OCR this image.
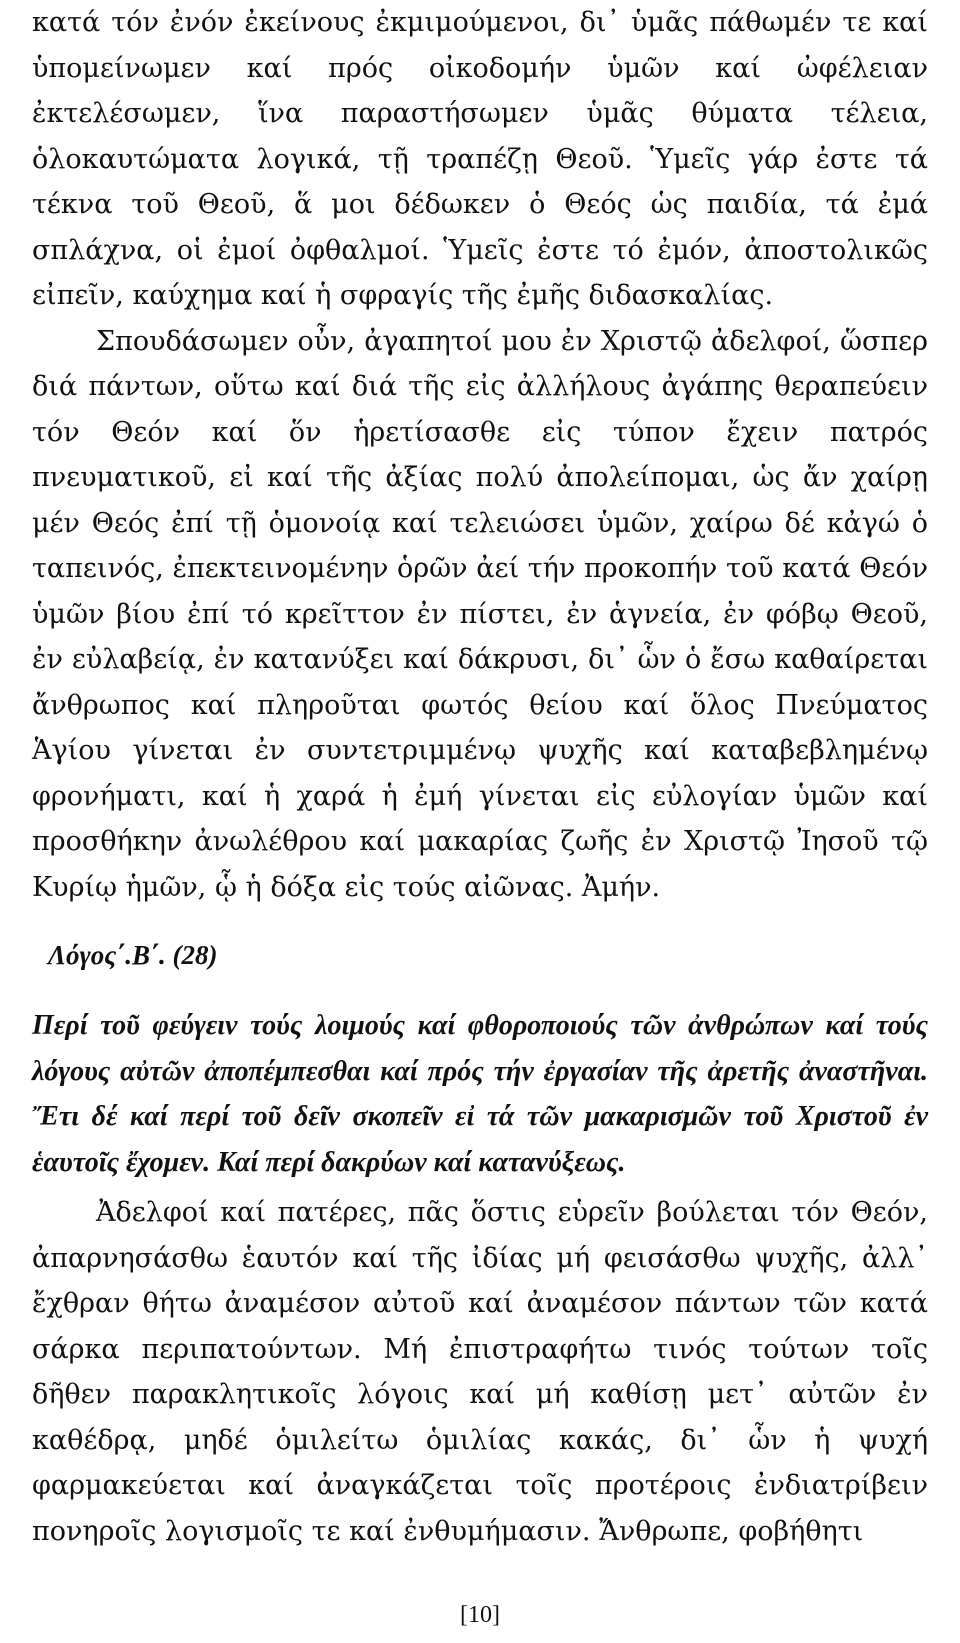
κατά τόν ἐνόν ἐκείνους ἐκμιμούμενοι, δι᾿ ὑμᾶς πάθωμέν τε καί ὑπομείνωμεν καί πρός οἰκοδομήν ὑμῶν καί ὠφέλειαν ἐκτελέσωμεν, ἵνα παραστήσωμεν ὑμᾶς θύματα τέλεια, ὁλοκαυτώματα λογικά, τῇ τραπέζῃ Θεοῦ. Ὑμεῖς γάρ ἐστε τά τέκνα τοῦ Θεοῦ, ἅ μοι δέδωκεν ὁ Θεός ὡς παιδία, τά ἐμά σπλάχνα, οἱ ἐμοί ὀφθαλμοί. Ὑμεῖς ἐστε τό ἐμόν, ἀποστολικῶς εἰπεῖν, καύχημα καί ἡ σφραγίς τῆς ἐμῆς διδασκαλίας.

Σπουδάσωμεν οὖν, ἀγαπητοί μου ἐν Χριστῷ ἀδελφοί, ὥσπερ διά πάντων, οὕτω καί διά τῆς εἰς ἀλλήλους ἀγάπης θεραπεύειν τόν Θεόν καί ὅν ἡρετίσασθε εἰς τύπον ἔχειν πατρός πνευματικοῦ, εἰ καί τῆς ἀξίας πολύ ἀπολείπομαι, ὡς ἄν χαίρῃ μέν Θεός ἐπί τῇ ὁμονοίᾳ καί τελειώσει ὑμῶν, χαίρω δέ κἀγώ ὁ ταπεινός, ἐπεκτεινομένην ὁρῶν ἀεί τήν προκοπήν τοῦ κατά Θεόν ὑμῶν βίου ἐπί τό κρεῖττον ἐν πίστει, ἐν ἁγνεία, ἐν φόβῳ Θεοῦ, ἐν εὐλαβείᾳ, ἐν κατανύξει καί δάκρυσι, δι᾿ ὧν ὁ ἔσω καθαίρεται ἄνθρωπος καί πληροῦται φωτός θείου καί ὅλος Πνεύματος Ἁγίου γίνεται ἐν συντετριμμένῳ ψυχῆς καί καταβεβλημένῳ φρονήματι, καί ἡ χαρά ἡ ἐμή γίνεται εἰς εὐλογίαν ὑμῶν καί προσθήκην ἀνωλέθρου καί μακαρίας ζωῆς ἐν Χριστῷ Ἰησοῦ τῷ Κυρίῳ ἡμῶν, ᾧ ἡ δόξα εἰς τούς αἰῶνας. Ἀμήν.

Λόγος΄.Β΄. (28)

Περί τοῦ φεύγειν τούς λοιμούς καί φθοροποιούς τῶν ἀνθρώπων καί τούς λόγους αὐτῶν ἀποπέμπεσθαι καί πρός τήν ἐργασίαν τῆς ἀρετῆς ἀναστῆναι. Ἔτι δέ καί περί τοῦ δεῖν σκοπεῖν εἰ τά τῶν μακαρισμῶν τοῦ Χριστοῦ ἐν ἑαυτοῖς ἔχομεν. Καί περί δακρύων καί κατανύξεως.

Ἀδελφοί καί πατέρες, πᾶς ὅστις εὑρεῖν βούλεται τόν Θεόν, ἀπαρνησάσθω ἑαυτόν καί τῆς ἰδίας μή φεισάσθω ψυχῆς, ἀλλ᾿ ἔχθραν θήτω ἀναμέσον αὐτοῦ καί ἀναμέσον πάντων τῶν κατά σάρκα περιπατούντων. Μή ἐπιστραφήτω τινός τούτων τοῖς δῆθεν παρακλητικοῖς λόγοις καί μή καθίσῃ μετ᾿ αὐτῶν ἐν καθέδρᾳ, μηδέ ὁμιλείτω ὁμιλίας κακάς, δι᾿ ὧν ἡ ψυχή φαρμακεύεται καί ἀναγκάζεται τοῖς προτέροις ἐνδιατρίβειν πονηροῖς λογισμοῖς τε καί ἐνθυμήμασιν. Ἄνθρωπε, φοβήθητι

[10]
